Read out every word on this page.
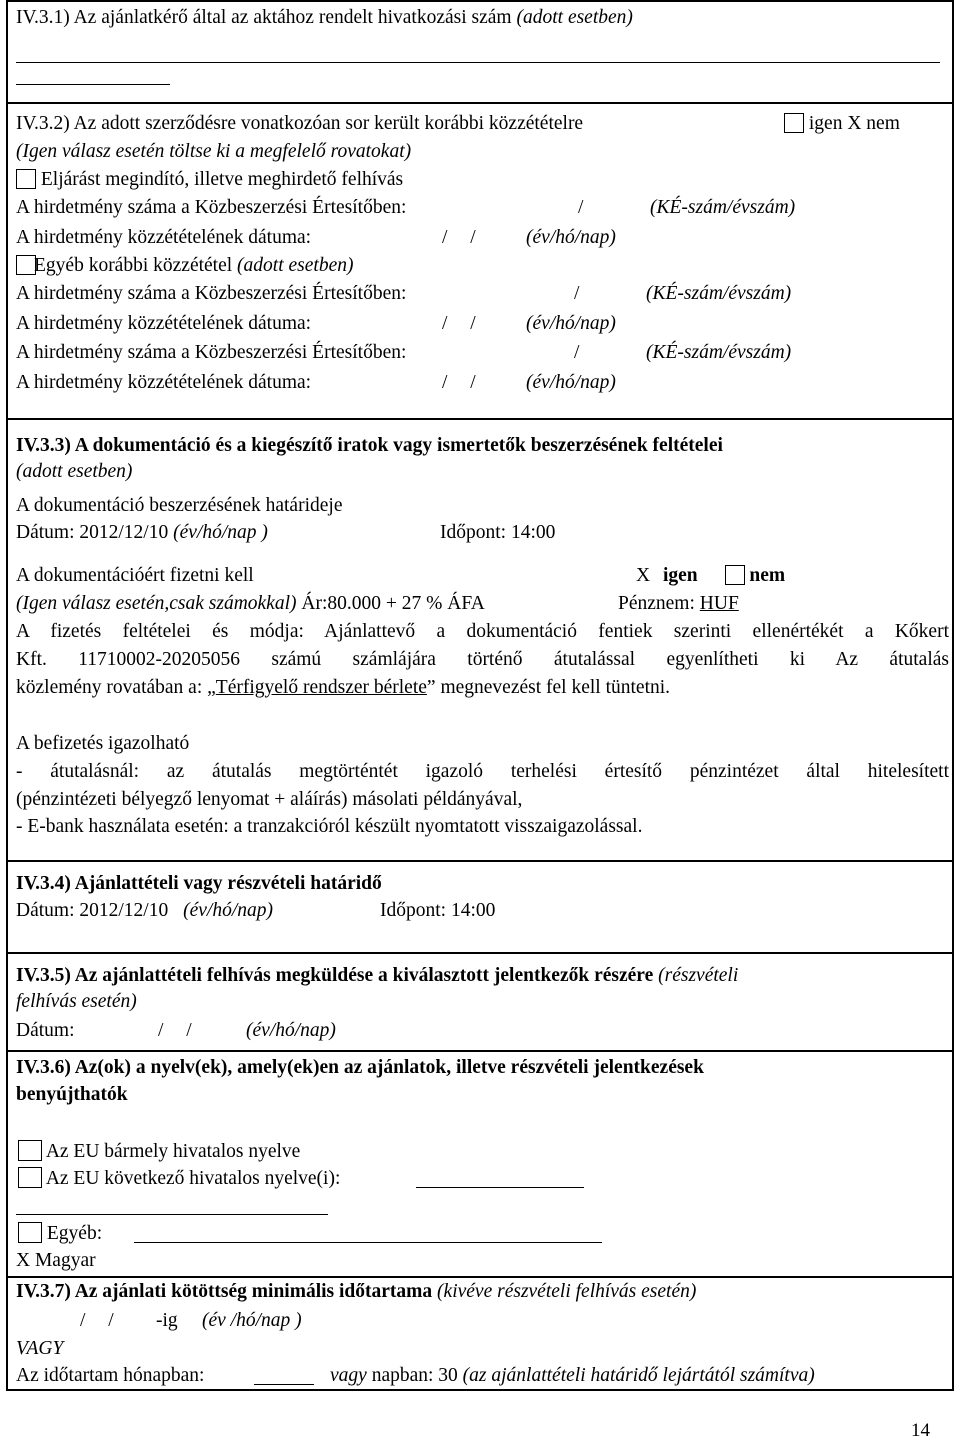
IV.3.1) Az ajánlatkérő által az aktához rendelt hivatkozási szám (adott esetben)
IV.3.2) Az adott szerződésre vonatkozóan sor került korábbi közzétételre	igen X nem
(Igen válasz esetén töltse ki a megfelelő rovatokat)
Eljárást megindító, illetve meghirdető felhívás
A hirdetmény száma a Közbeszerzési Értesítőben:	/	(KÉ-szám/évszám)
A hirdetmény közzétételének dátuma:	/ /	(év/hó/nap)
Egyéb korábbi közzététel (adott esetben)
A hirdetmény száma a Közbeszerzési Értesítőben:	/	(KÉ-szám/évszám)
A hirdetmény közzétételének dátuma:	/ /	(év/hó/nap)
A hirdetmény száma a Közbeszerzési Értesítőben:	/	(KÉ-szám/évszám)
A hirdetmény közzétételének dátuma:	/ /	(év/hó/nap)
IV.3.3) A dokumentáció és a kiegészítő iratok vagy ismertetők beszerzésének feltételei
(adott esetben)
A dokumentáció beszerzésének határideje
Dátum: 2012/12/10 (év/hó/nap )	Időpont: 14:00
A dokumentációért fizetni kell	X igen	nem
(Igen válasz esetén,csak számokkal) Ár:80.000 + 27 % ÁFA	Pénznem: HUF
A fizetés feltételei és módja: Ajánlattevő a dokumentáció fentiek szerinti ellenértékét a Kőkert
Kft. 11710002-20205056 számú számlájára történő átutalással egyenlítheti ki Az átutalás
közlemény rovatában a: „Térfigyelő rendszer bérlete” megnevezést fel kell tüntetni.
A befizetés igazolható
- átutalásnál: az átutalás megtörténtét igazoló terhelési értesítő pénzintézet által hitelesített
(pénzintézeti bélyegző lenyomat + aláírás) másolati példányával,
- E-bank használata esetén: a tranzakcióról készült nyomtatott visszaigazolással.
IV.3.4) Ajánlattételi vagy részvételi határidő
Dátum: 2012/12/10 (év/hó/nap)	Időpont: 14:00
IV.3.5) Az ajánlattételi felhívás megküldése a kiválasztott jelentkezők részére (részvételi
felhívás esetén)
Dátum:	/ /	(év/hó/nap)
IV.3.6) Az(ok) a nyelv(ek), amely(ek)en az ajánlatok, illetve részvételi jelentkezések
benyújthatók
Az EU bármely hivatalos nyelve
Az EU következő hivatalos nyelve(i):
Egyéb:
X Magyar
IV.3.7) Az ajánlati kötöttség minimális időtartama (kivéve részvételi felhívás esetén)
/ / -ig (év /hó/nap )
VAGY
Az időtartam hónapban:	vagy napban: 30 (az ajánlattételi határidő lejártától számítva)
14
